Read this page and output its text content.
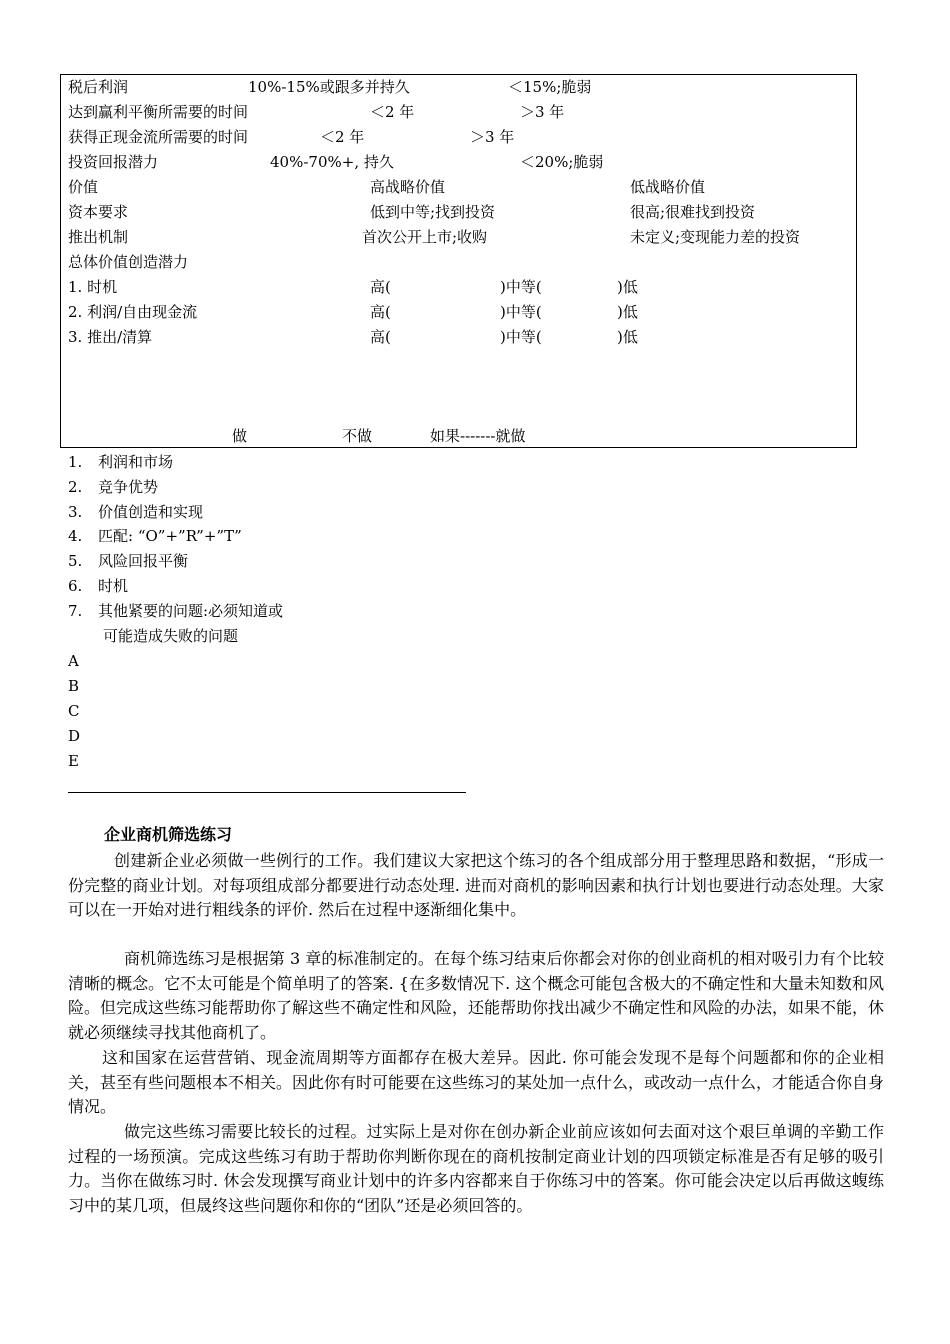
税后利润	10%-15%或跟多并持久	＜15%;脆弱
达到赢利平衡所需要的时间	＜2 年	＞3 年
获得正现金流所需要的时间	＜2 年	＞3 年
投资回报潜力	40%-70%+, 持久	＜20%;脆弱
价值	高战略价值	低战略价值
资本要求	低到中等;找到投资	很高;很难找到投资
推出机制	首次公开上市;收购	未定义;变现能力差的投资
总体价值创造潜力
1. 时机	高(	)中等(	)低
2. 利润/自由现金流	高(	)中等(	)低
3. 推出/清算	高(	)中等(	)低
做	不做	如果-------就做
1. 利润和市场
2. 竞争优势
3. 价值创造和实现
4. 匹配: “O”+”R”+”T”
5. 风险回报平衡
6. 时机
7. 其他紧要的问题:必须知道或
可能造成失败的问题
A
B
C
D
E
企业商机筛选练习

创建新企业必须做一些例行的工作。我们建议大家把这个练习的各个组成部分用于整理思路和数据，“形成一份完整的商业计划。对每项组成部分都要进行动态处理. 进而对商机的影响因素和执行计划也要进行动态处理。大家可以在一开始对进行粗线条的评价. 然后在过程中逐渐细化集中。

商机筛选练习是根据第 3 章的标准制定的。在每个练习结束后你都会对你的创业商机的相对吸引力有个比较清晰的概念。它不太可能是个简单明了的答案. {在多数情况下. 这个概念可能包含极大的不确定性和大量未知数和风险。但完成这些练习能帮助你了解这些不确定性和风险，还能帮助你找出减少不确定性和风险的办法，如果不能，休就必须继续寻找其他商机了。

这和国家在运营营销、现金流周期等方面都存在极大差异。因此. 你可能会发现不是每个问题都和你的企业相关，甚至有些问题根本不相关。因此你有时可能要在这些练习的某处加一点什么，或改动一点什么，才能适合你自身情况。

做完这些练习需要比较长的过程。过实际上是对你在创办新企业前应该如何去面对这个艰巨单调的辛勤工作过程的一场预演。完成这些练习有助于帮助你判断你现在的商机按制定商业计划的四项锁定标准是否有足够的吸引力。当你在做练习时. 休会发现撰写商业计划中的许多内容都来自于你练习中的答案。你可能会决定以后再做这蝮练习中的某几项，但晟终这些问题你和你的“团队”还是必须回答的。
